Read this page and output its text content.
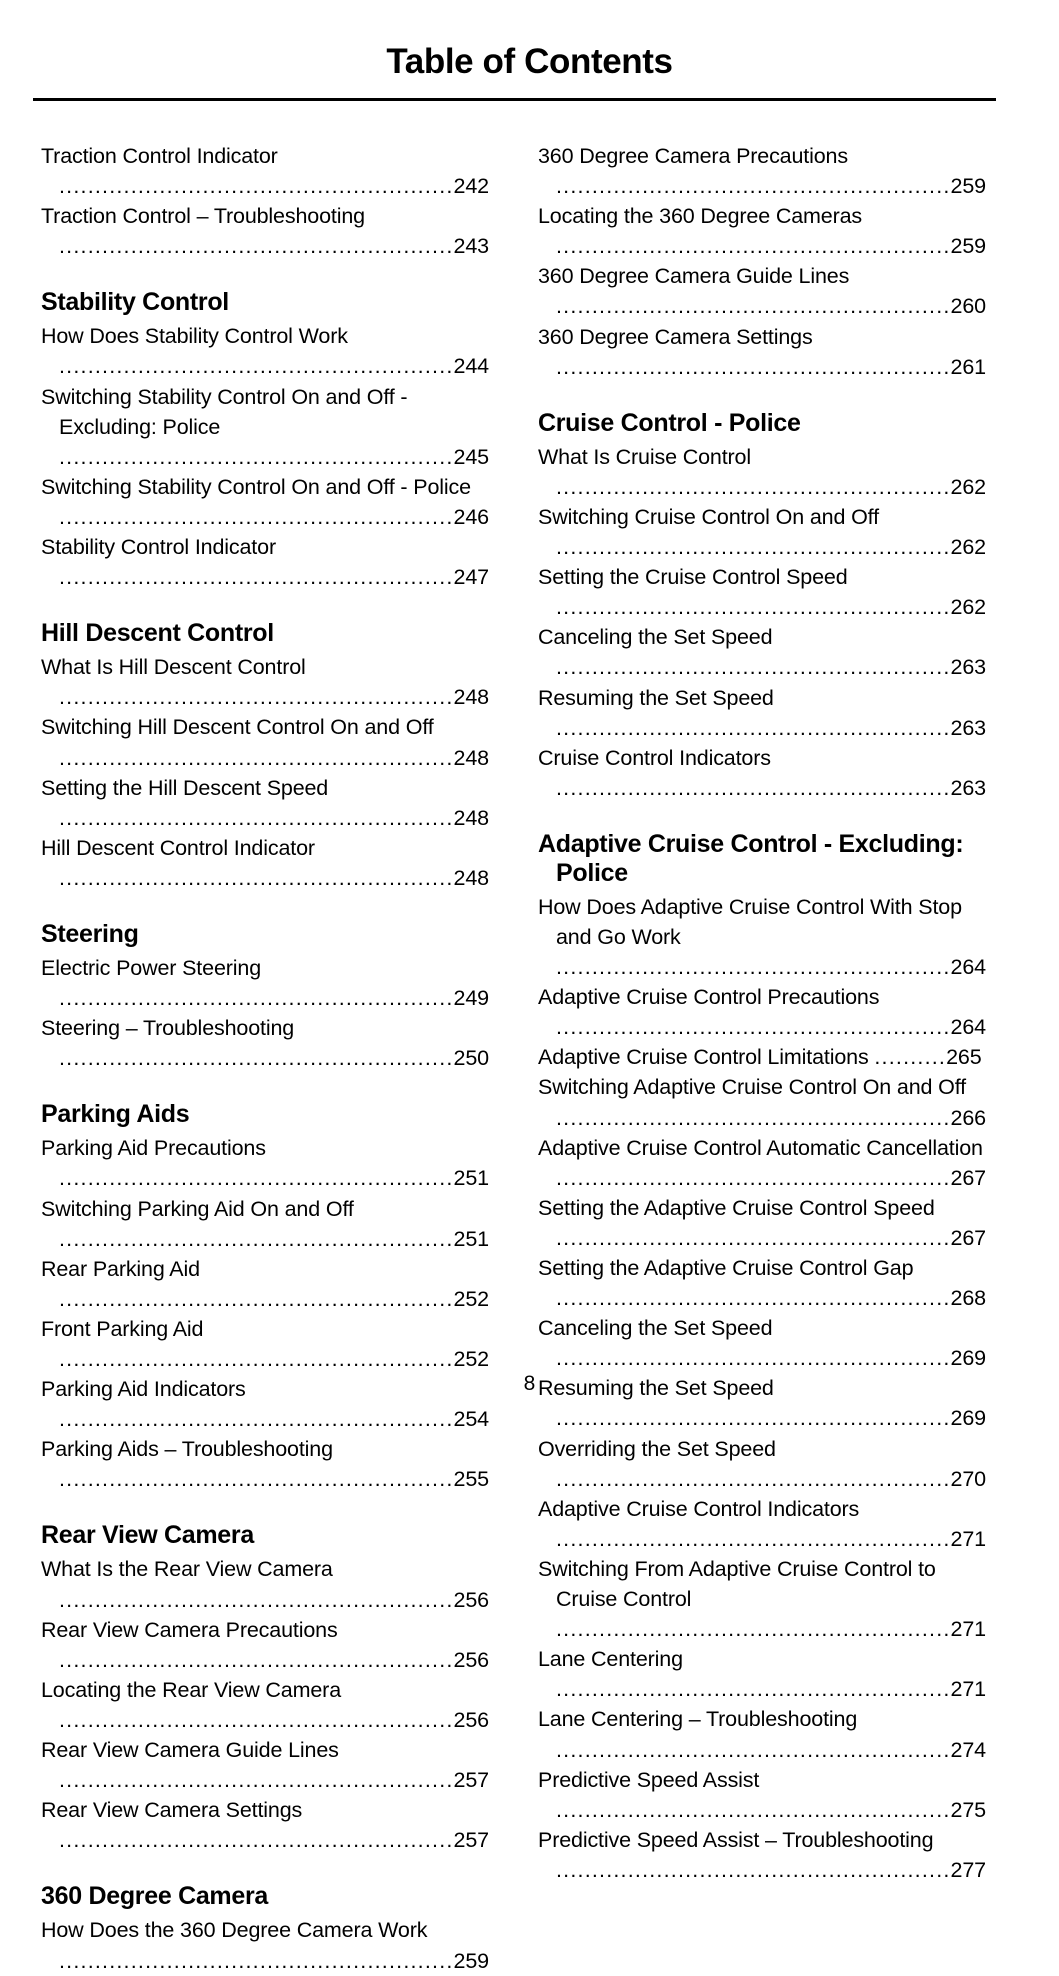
Table of Contents
Traction Control Indicator .......................................................242
Traction Control – Troubleshooting .......................................................243
Stability Control
How Does Stability Control Work .......................................................244
Switching Stability Control On and Off - Excluding: Police .......................................................245
Switching Stability Control On and Off - Police .......................................................246
Stability Control Indicator .......................................................247
Hill Descent Control
What Is Hill Descent Control .......................................................248
Switching Hill Descent Control On and Off .......................................................248
Setting the Hill Descent Speed .......................................................248
Hill Descent Control Indicator .......................................................248
Steering
Electric Power Steering .......................................................249
Steering – Troubleshooting .......................................................250
Parking Aids
Parking Aid Precautions .......................................................251
Switching Parking Aid On and Off .......................................................251
Rear Parking Aid .......................................................252
Front Parking Aid .......................................................252
Parking Aid Indicators .......................................................254
Parking Aids – Troubleshooting .......................................................255
Rear View Camera
What Is the Rear View Camera .......................................................256
Rear View Camera Precautions .......................................................256
Locating the Rear View Camera .......................................................256
Rear View Camera Guide Lines .......................................................257
Rear View Camera Settings .......................................................257
360 Degree Camera
How Does the 360 Degree Camera Work .......................................................259
360 Degree Camera Precautions .......................................................259
Locating the 360 Degree Cameras .......................................................259
360 Degree Camera Guide Lines .......................................................260
360 Degree Camera Settings .......................................................261
Cruise Control - Police
What Is Cruise Control .......................................................262
Switching Cruise Control On and Off .......................................................262
Setting the Cruise Control Speed .......................................................262
Canceling the Set Speed .......................................................263
Resuming the Set Speed .......................................................263
Cruise Control Indicators .......................................................263
Adaptive Cruise Control - Excluding: Police
How Does Adaptive Cruise Control With Stop and Go Work .......................................................264
Adaptive Cruise Control Precautions .......................................................264
Adaptive Cruise Control Limitations ..........265
Switching Adaptive Cruise Control On and Off .......................................................266
Adaptive Cruise Control Automatic Cancellation .......................................................267
Setting the Adaptive Cruise Control Speed .......................................................267
Setting the Adaptive Cruise Control Gap .......................................................268
Canceling the Set Speed .......................................................269
Resuming the Set Speed .......................................................269
Overriding the Set Speed .......................................................270
Adaptive Cruise Control Indicators .......................................................271
Switching From Adaptive Cruise Control to Cruise Control .......................................................271
Lane Centering .......................................................271
Lane Centering – Troubleshooting .......................................................274
Predictive Speed Assist .......................................................275
Predictive Speed Assist – Troubleshooting .......................................................277
8
